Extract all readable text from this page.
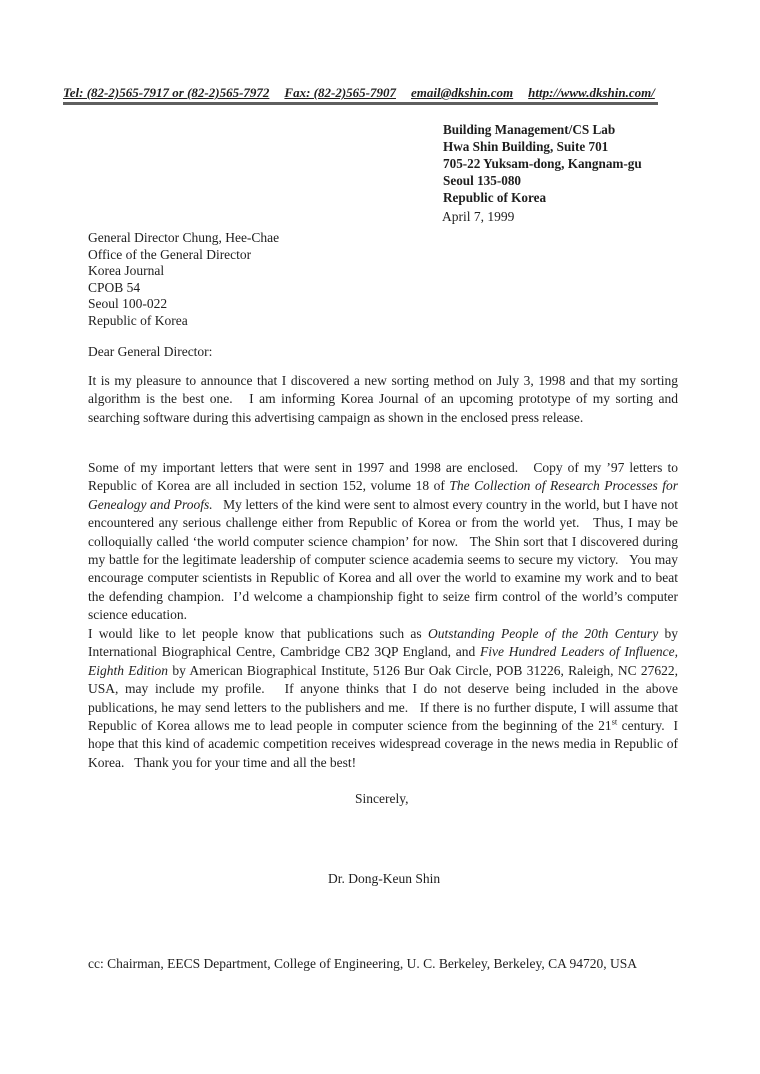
Tel: (82-2)565-7917 or (82-2)565-7972 Fax: (82-2)565-7907 email@dkshin.com http://www.dkshin.com/
Building Management/CS Lab
Hwa Shin Building, Suite 701
705-22 Yuksam-dong, Kangnam-gu
Seoul 135-080
Republic of Korea
April 7, 1999
General Director Chung, Hee-Chae
Office of the General Director
Korea Journal
CPOB 54
Seoul 100-022
Republic of Korea
Dear General Director:
It is my pleasure to announce that I discovered a new sorting method on July 3, 1998 and that my sorting algorithm is the best one.   I am informing Korea Journal of an upcoming prototype of my sorting and searching software during this advertising campaign as shown in the enclosed press release.
Some of my important letters that were sent in 1997 and 1998 are enclosed.   Copy of my ’97 letters to Republic of Korea are all included in section 152, volume 18 of The Collection of Research Processes for Genealogy and Proofs.   My letters of the kind were sent to almost every country in the world, but I have not encountered any serious challenge either from Republic of Korea or from the world yet.   Thus, I may be colloquially called ‘the world computer science champion’ for now.   The Shin sort that I discovered during my battle for the legitimate leadership of computer science academia seems to secure my victory.   You may encourage computer scientists in Republic of Korea and all over the world to examine my work and to beat the defending champion.  I’d welcome a championship fight to seize firm control of the world’s computer science education.
I would like to let people know that publications such as Outstanding People of the 20th Century by International Biographical Centre, Cambridge CB2 3QP England, and Five Hundred Leaders of Influence, Eighth Edition by American Biographical Institute, 5126 Bur Oak Circle, POB 31226, Raleigh, NC 27622, USA, may include my profile.   If anyone thinks that I do not deserve being included in the above publications, he may send letters to the publishers and me.   If there is no further dispute, I will assume that Republic of Korea allows me to lead people in computer science from the beginning of the 21st century.  I hope that this kind of academic competition receives widespread coverage in the news media in Republic of Korea.   Thank you for your time and all the best!
Sincerely,
Dr. Dong-Keun Shin
cc: Chairman, EECS Department, College of Engineering, U. C. Berkeley, Berkeley, CA 94720, USA
